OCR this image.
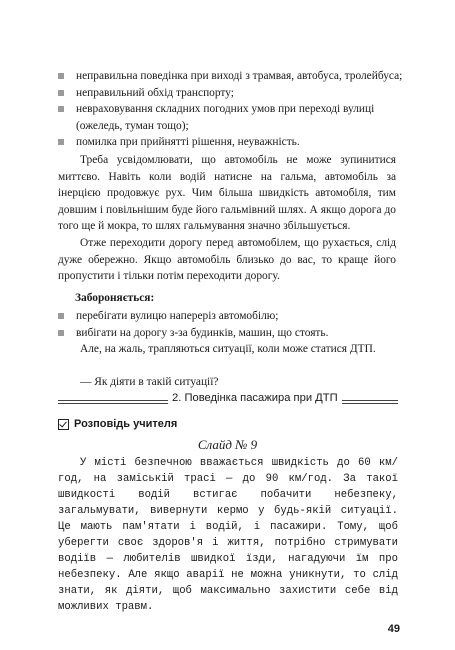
неправильна поведінка при виході з трамвая, автобуса, тролейбуса;
неправильний обхід транспорту;
невраховування складних погодних умов при переході вулиці (ожеледь, туман тощо);
помилка при прийнятті рішення, неуважність.

Треба усвідомлювати, що автомобіль не може зупинитися миттєво. Навіть коли водій натисне на гальма, автомобіль за інерцією продовжує рух. Чим більша швидкість автомобіля, тим довшим і повільнішим буде його гальмівний шлях. А якщо дорога до того ще й мокра, то шлях гальмування значно збільшується.

Отже переходити дорогу перед автомобілем, що рухається, слід дуже обережно. Якщо автомобіль близько до вас, то краще його пропустити і тільки потім переходити дорогу.

Забороняється:
перебігати вулицю напереріз автомобілю;
вибігати на дорогу з-за будинків, машин, що стоять.

Але, на жаль, трапляються ситуації, коли може статися ДТП.

— Як діяти в такій ситуації?

2. Поведінка пасажира при ДТП
Розповідь учителя
Слайд № 9

У місті безпечною вважається швидкість до 60 км/год, на заміській трасі — до 90 км/год. За такої швидкості водій встигає побачити небезпеку, загальмувати, вивернути кермо у будь-якій ситуації. Це мають пам'ятати і водій, і пасажири. Тому, щоб уберегти своє здоров'я і життя, потрібно стримувати водіїв — любителів швидкої їзди, нагадуючи їм про небезпеку. Але якщо аварії не можна уникнути, то слід знати, як діяти, щоб максимально захистити себе від можливих травм.

49
